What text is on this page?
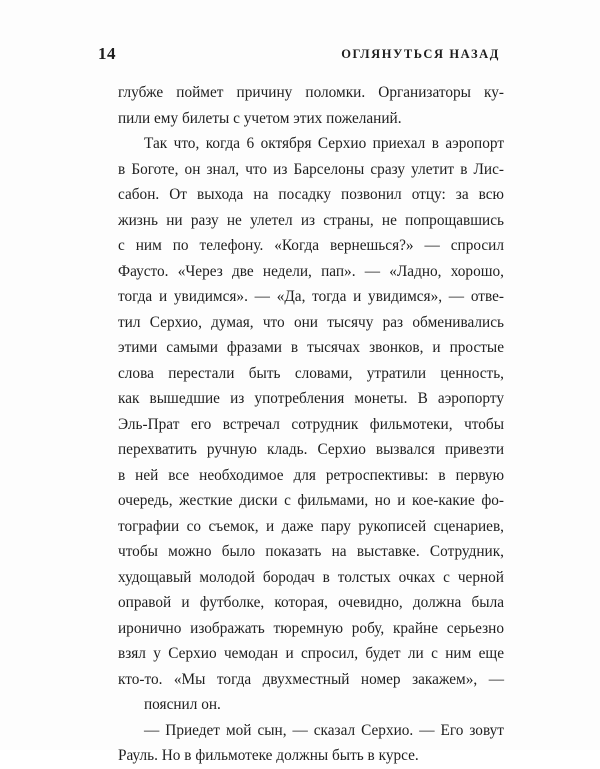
14	ОГЛЯНУТЬСЯ НАЗАД
глубже поймет причину поломки. Организаторы ку-
пили ему билеты с учетом этих пожеланий.
Так что, когда 6 октября Серхио приехал в аэропорт
в Боготе, он знал, что из Барселоны сразу улетит в Лис-
сабон. От выхода на посадку позвонил отцу: за всю
жизнь ни разу не улетел из страны, не попрощавшись
с ним по телефону. «Когда вернешься?» — спросил
Фаусто. «Через две недели, пап». — «Ладно, хорошо,
тогда и увидимся». — «Да, тогда и увидимся», — отве-
тил Серхио, думая, что они тысячу раз обменивались
этими самыми фразами в тысячах звонков, и простые
слова перестали быть словами, утратили ценность,
как вышедшие из употребления монеты. В аэропорту
Эль-Прат его встречал сотрудник фильмотеки, чтобы
перехватить ручную кладь. Серхио вызвался привезти
в ней все необходимое для ретроспективы: в первую
очередь, жесткие диски с фильмами, но и кое-какие фо-
тографии со съемок, и даже пару рукописей сценариев,
чтобы можно было показать на выставке. Сотрудник,
худощавый молодой бородач в толстых очках с черной
оправой и футболке, которая, очевидно, должна была
иронично изображать тюремную робу, крайне серьезно
взял у Серхио чемодан и спросил, будет ли с ним еще
кто-то. «Мы тогда двухместный номер закажем», —
пояснил он.
— Приедет мой сын, — сказал Серхио. — Его зовут
Рауль. Но в фильмотеке должны быть в курсе.
